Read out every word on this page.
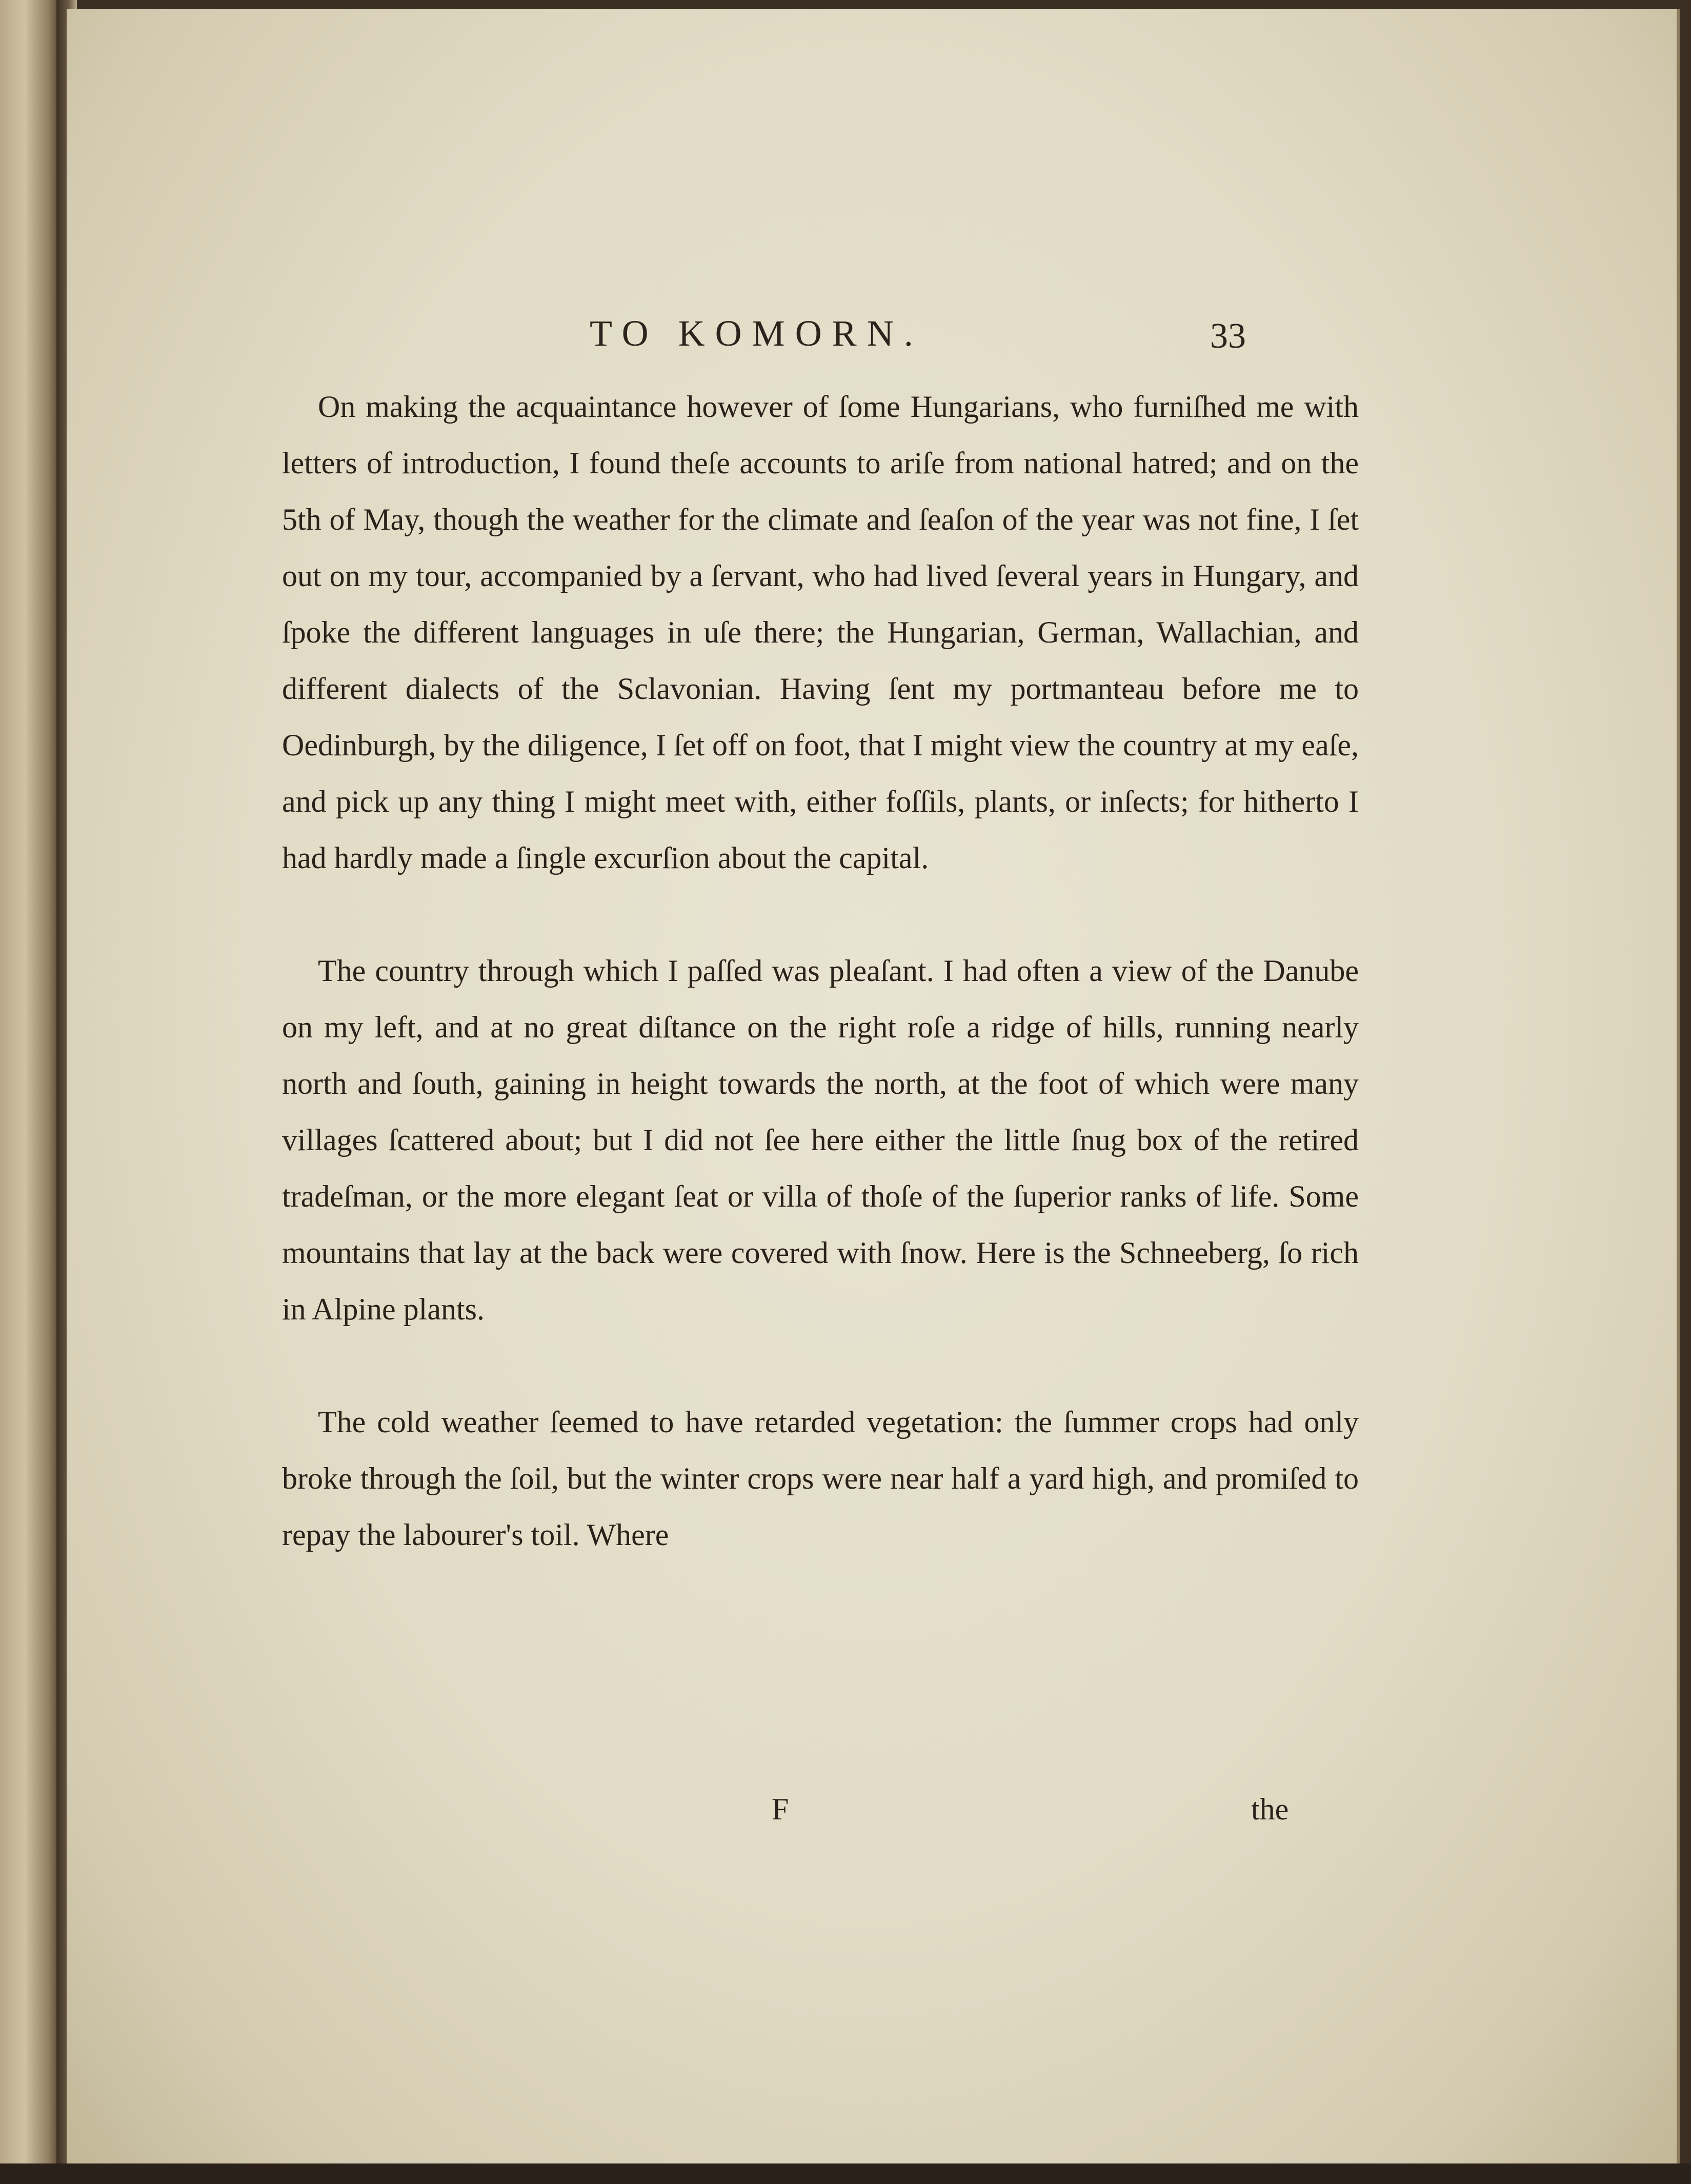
TO KOMORN.	33

On making the acquaintance however of ſome Hungarians, who furniſhed me with letters of introduction, I found theſe accounts to ariſe from national hatred; and on the 5th of May, though the weather for the climate and ſeaſon of the year was not fine, I ſet out on my tour, accompanied by a ſervant, who had lived ſeveral years in Hungary, and ſpoke the different languages in uſe there; the Hungarian, German, Wallachian, and different dialects of the Sclavonian. Having ſent my portmanteau before me to Oedinburgh, by the diligence, I ſet off on foot, that I might view the country at my eaſe, and pick up any thing I might meet with, either foſſils, plants, or inſects; for hitherto I had hardly made a ſingle excurſion about the capital.

The country through which I paſſed was pleaſant. I had often a view of the Danube on my left, and at no great diſtance on the right roſe a ridge of hills, running nearly north and ſouth, gaining in height towards the north, at the foot of which were many villages ſcattered about; but I did not ſee here either the little ſnug box of the retired tradeſman, or the more elegant ſeat or villa of thoſe of the ſuperior ranks of life. Some mountains that lay at the back were covered with ſnow. Here is the Schneeberg, ſo rich in Alpine plants.

The cold weather ſeemed to have retarded vegetation: the ſummer crops had only broke through the ſoil, but the winter crops were near half a yard high, and promiſed to repay the labourer's toil. Where

F	the
